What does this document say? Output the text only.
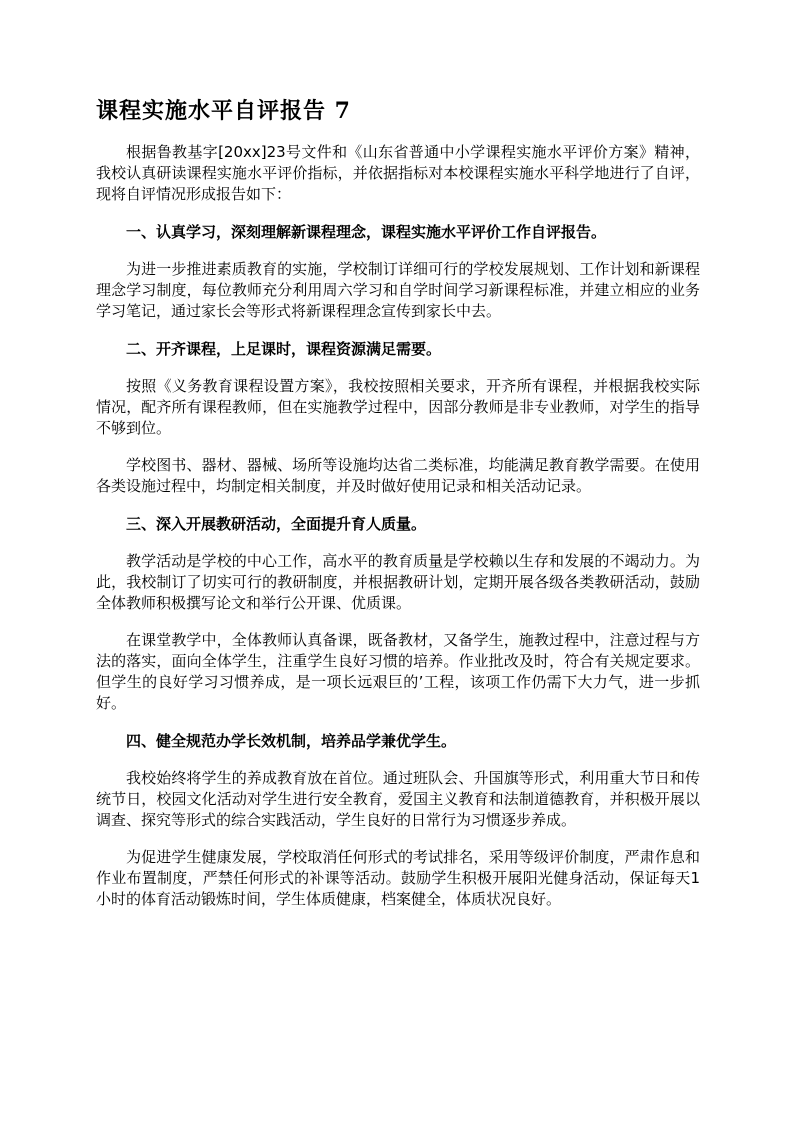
课程实施水平自评报告 7

根据鲁教基字[20xx]23号文件和《山东省普通中小学课程实施水平评价方案》精神，我校认真研读课程实施水平评价指标，并依据指标对本校课程实施水平科学地进行了自评，现将自评情况形成报告如下：

一、认真学习，深刻理解新课程理念，课程实施水平评价工作自评报告。

为进一步推进素质教育的实施，学校制订详细可行的学校发展规划、工作计划和新课程理念学习制度，每位教师充分利用周六学习和自学时间学习新课程标准，并建立相应的业务学习笔记，通过家长会等形式将新课程理念宣传到家长中去。

二、开齐课程，上足课时，课程资源满足需要。

按照《义务教育课程设置方案》，我校按照相关要求，开齐所有课程，并根据我校实际情况，配齐所有课程教师，但在实施教学过程中，因部分教师是非专业教师，对学生的指导不够到位。

学校图书、器材、器械、场所等设施均达省二类标准，均能满足教育教学需要。在使用各类设施过程中，均制定相关制度，并及时做好使用记录和相关活动记录。

三、深入开展教研活动，全面提升育人质量。

教学活动是学校的中心工作，高水平的教育质量是学校赖以生存和发展的不竭动力。为此，我校制订了切实可行的教研制度，并根据教研计划，定期开展各级各类教研活动，鼓励全体教师积极撰写论文和举行公开课、优质课。

在课堂教学中，全体教师认真备课，既备教材，又备学生，施教过程中，注意过程与方法的落实，面向全体学生，注重学生良好习惯的培养。作业批改及时，符合有关规定要求。但学生的良好学习习惯养成，是一项长远艰巨的’工程，该项工作仍需下大力气，进一步抓好。

四、健全规范办学长效机制，培养品学兼优学生。

我校始终将学生的养成教育放在首位。通过班队会、升国旗等形式，利用重大节日和传统节日，校园文化活动对学生进行安全教育，爱国主义教育和法制道德教育，并积极开展以调查、探究等形式的综合实践活动，学生良好的日常行为习惯逐步养成。

为促进学生健康发展，学校取消任何形式的考试排名，采用等级评价制度，严肃作息和作业布置制度，严禁任何形式的补课等活动。鼓励学生积极开展阳光健身活动，保证每天1小时的体育活动锻炼时间，学生体质健康，档案健全，体质状况良好。
